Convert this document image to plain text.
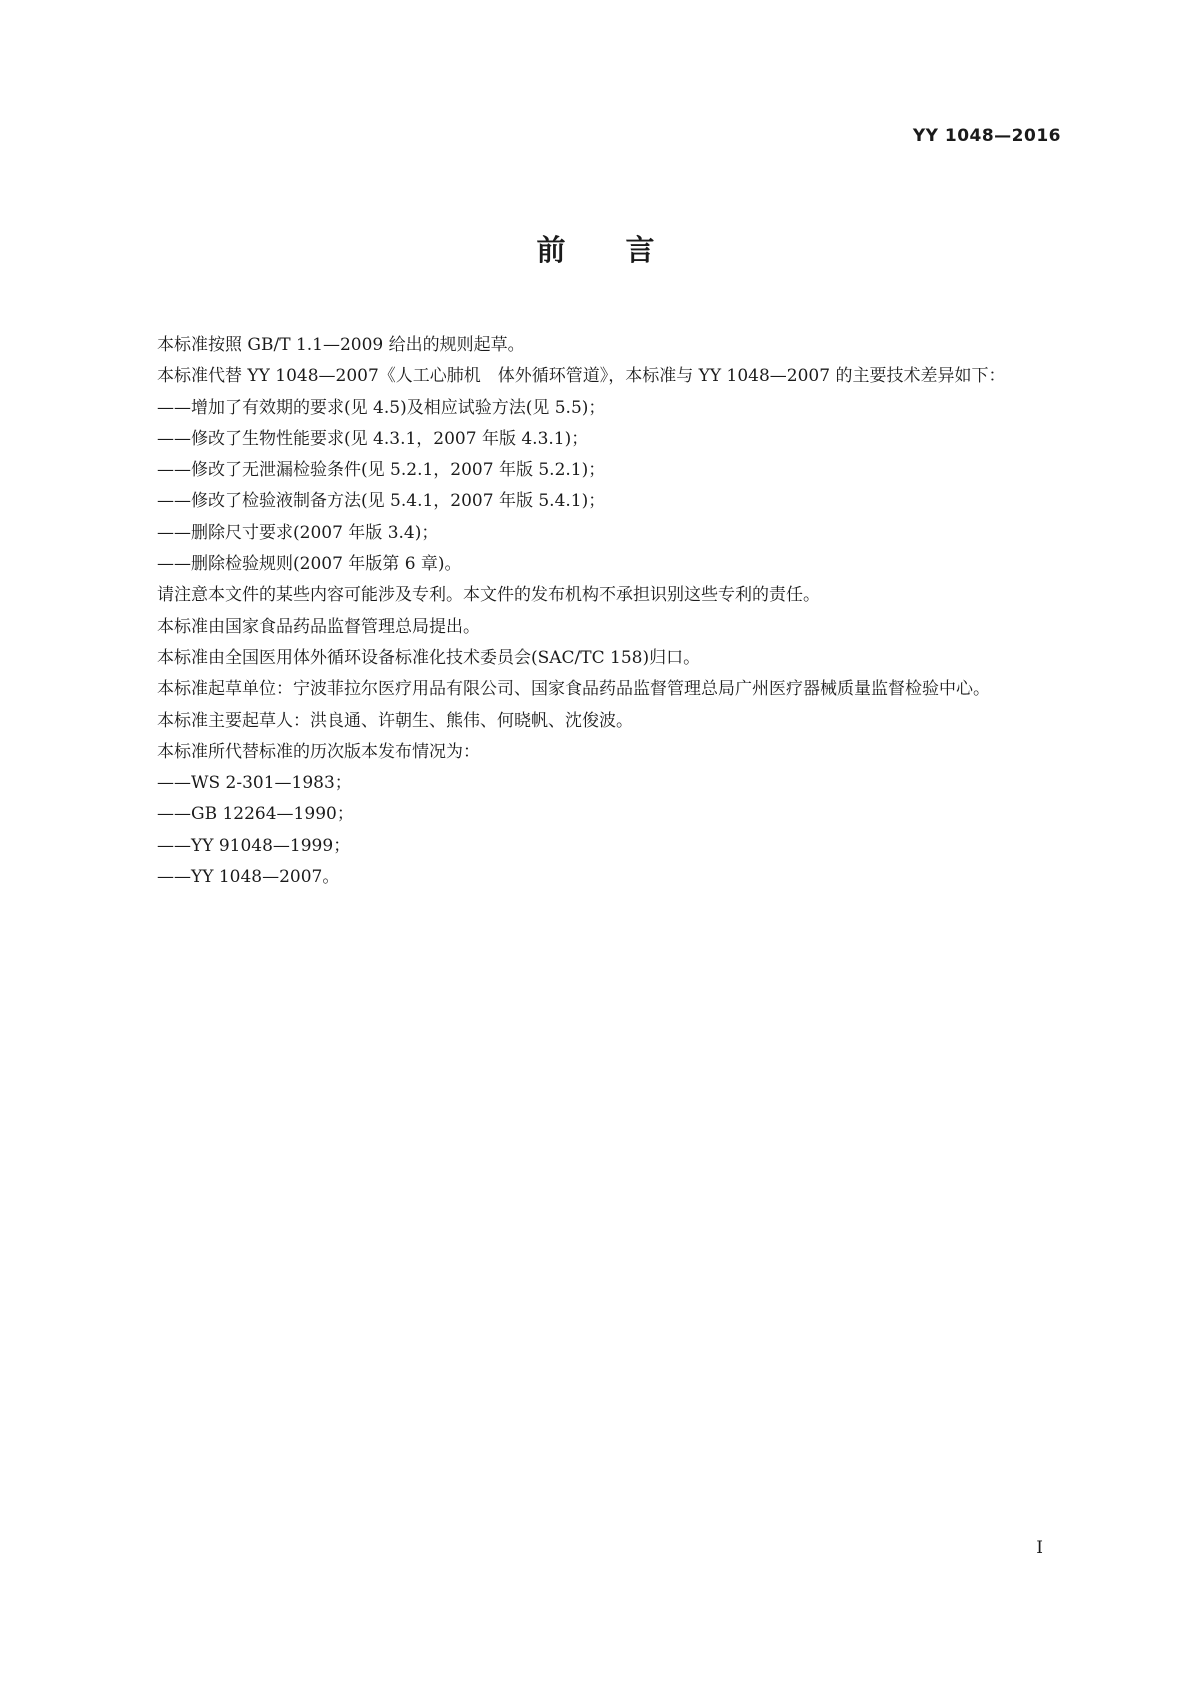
YY 1048—2016
前言

本标准按照 GB/T 1.1—2009 给出的规则起草。

本标准代替 YY 1048—2007《人工心肺机　体外循环管道》，本标准与 YY 1048—2007 的主要技术差异如下：

——增加了有效期的要求(见 4.5)及相应试验方法(见 5.5)；

——修改了生物性能要求(见 4.3.1，2007 年版 4.3.1)；

——修改了无泄漏检验条件(见 5.2.1，2007 年版 5.2.1)；

——修改了检验液制备方法(见 5.4.1，2007 年版 5.4.1)；

——删除尺寸要求(2007 年版 3.4)；

——删除检验规则(2007 年版第 6 章)。

请注意本文件的某些内容可能涉及专利。本文件的发布机构不承担识别这些专利的责任。

本标准由国家食品药品监督管理总局提出。

本标准由全国医用体外循环设备标准化技术委员会(SAC/TC 158)归口。

本标准起草单位：宁波菲拉尔医疗用品有限公司、国家食品药品监督管理总局广州医疗器械质量监督检验中心。

本标准主要起草人：洪良通、许朝生、熊伟、何晓帆、沈俊波。

本标准所代替标准的历次版本发布情况为：

——WS 2-301—1983；

——GB 12264—1990；

——YY 91048—1999；

——YY 1048—2007。

I
